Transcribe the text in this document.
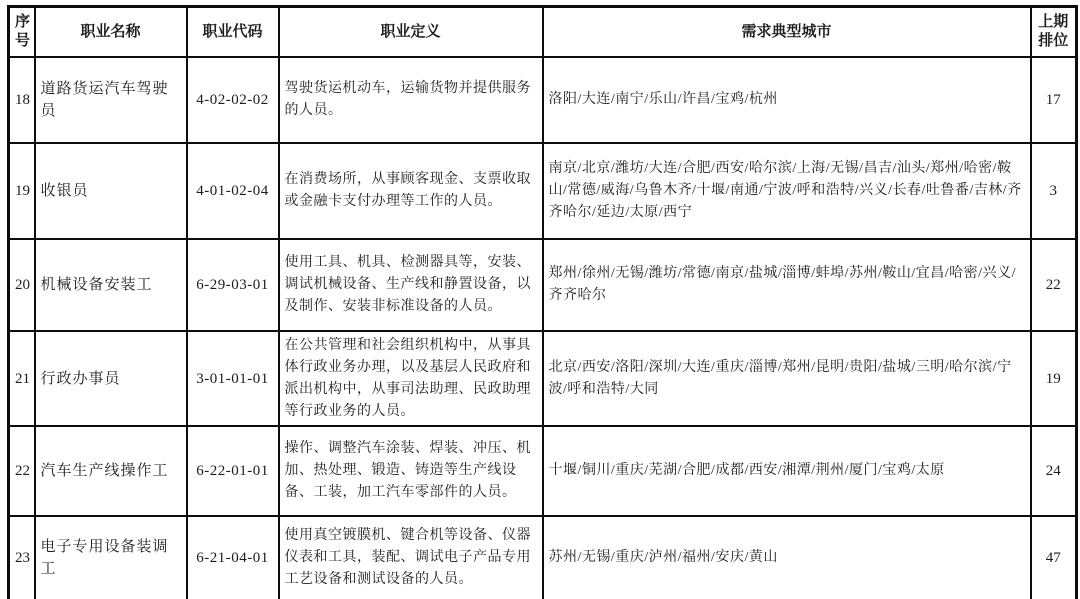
序号	职业名称	职业代码	职业定义	需求典型城市	上期排位
18	道路货运汽车驾驶员	4-02-02-02	驾驶货运机动车，运输货物并提供服务的人员。	洛阳/大连/南宁/乐山/许昌/宝鸡/杭州	17
19	收银员	4-01-02-04	在消费场所，从事顾客现金、支票收取或金融卡支付办理等工作的人员。	南京/北京/潍坊/大连/合肥/西安/哈尔滨/上海/无锡/昌吉/汕头/郑州/哈密/鞍山/常德/威海/乌鲁木齐/十堰/南通/宁波/呼和浩特/兴义/长春/吐鲁番/吉林/齐齐哈尔/延边/太原/西宁	3
20	机械设备安装工	6-29-03-01	使用工具、机具、检测器具等，安装、调试机械设备、生产线和静置设备，以及制作、安装非标准设备的人员。	郑州/徐州/无锡/潍坊/常德/南京/盐城/淄博/蚌埠/苏州/鞍山/宜昌/哈密/兴义/齐齐哈尔	22
21	行政办事员	3-01-01-01	在公共管理和社会组织机构中，从事具体行政业务办理，以及基层人民政府和派出机构中，从事司法助理、民政助理等行政业务的人员。	北京/西安/洛阳/深圳/大连/重庆/淄博/郑州/昆明/贵阳/盐城/三明/哈尔滨/宁波/呼和浩特/大同	19
22	汽车生产线操作工	6-22-01-01	操作、调整汽车涂装、焊装、冲压、机加、热处理、锻造、铸造等生产线设备、工装，加工汽车零部件的人员。	十堰/铜川/重庆/芜湖/合肥/成都/西安/湘潭/荆州/厦门/宝鸡/太原	24
23	电子专用设备装调工	6-21-04-01	使用真空镀膜机、键合机等设备、仪器仪表和工具，装配、调试电子产品专用工艺设备和测试设备的人员。	苏州/无锡/重庆/泸州/福州/安庆/黄山	47
